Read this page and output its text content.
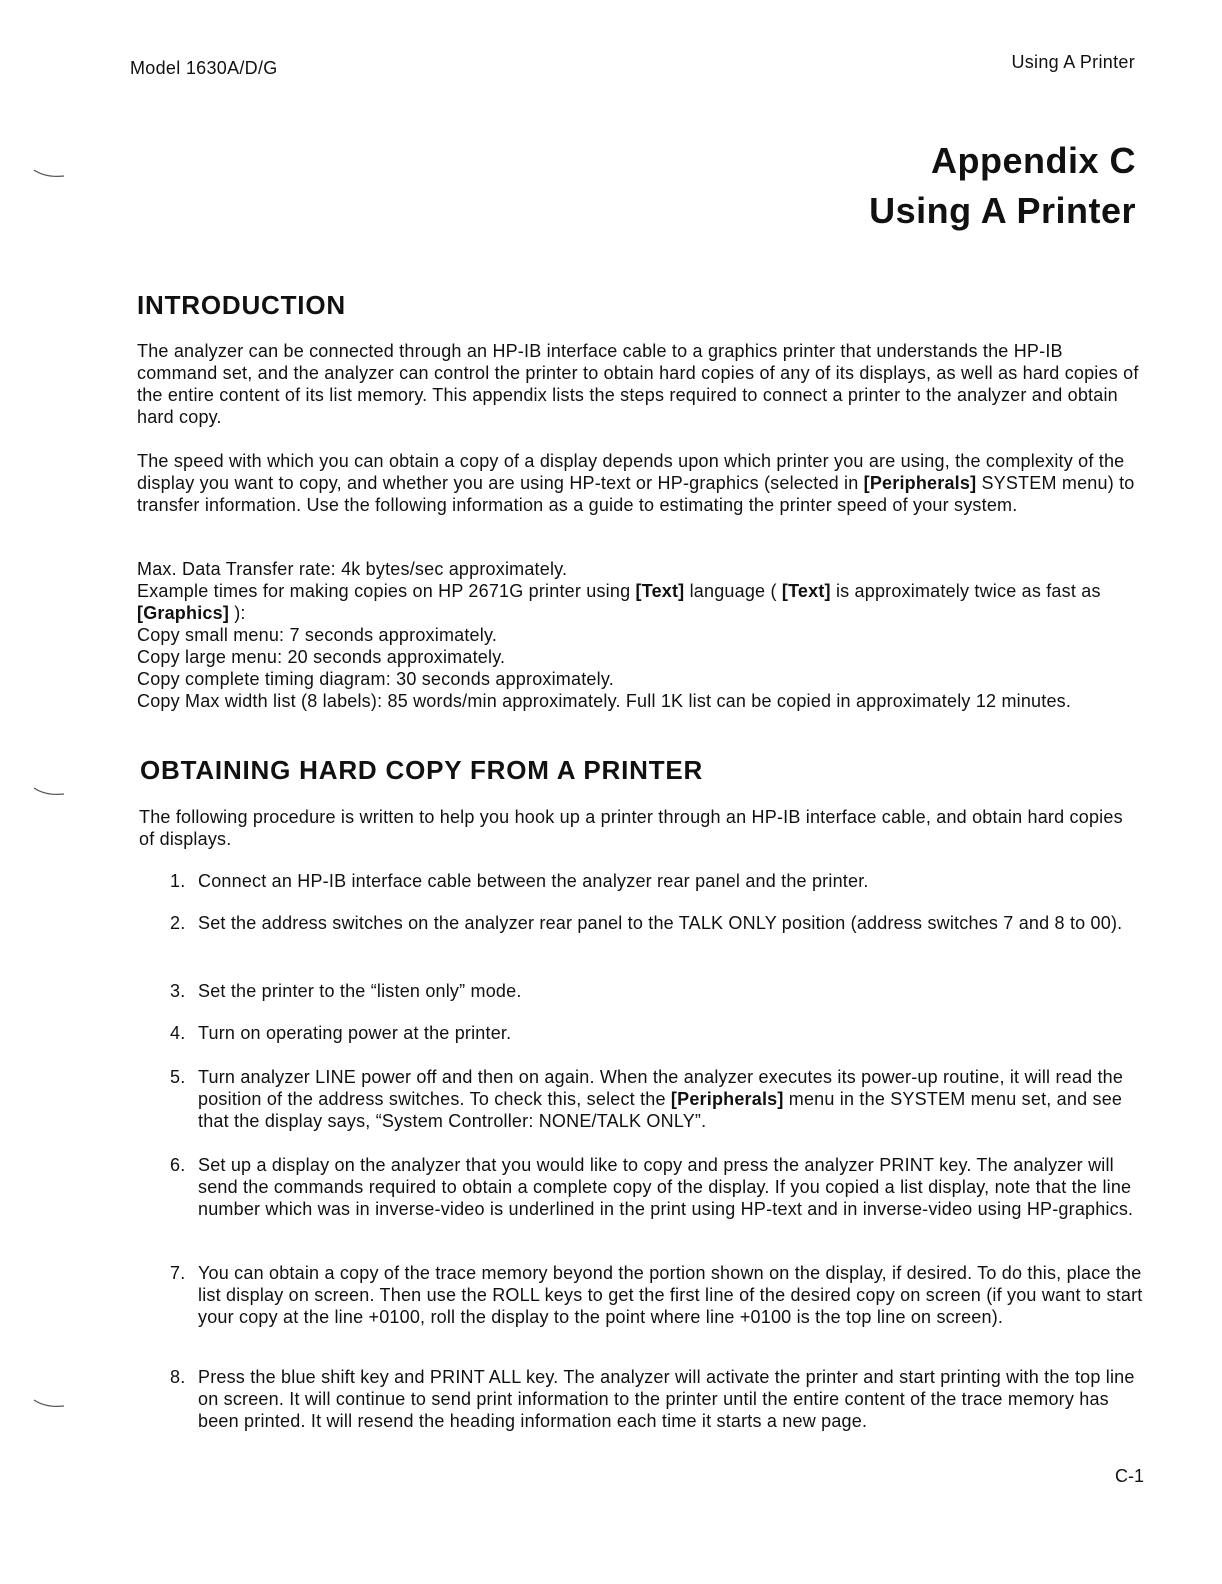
Model 1630A/D/G	Using A Printer
Appendix C
Using A Printer
INTRODUCTION

The analyzer can be connected through an HP-IB interface cable to a graphics printer that understands the HP-IB command set, and the analyzer can control the printer to obtain hard copies of any of its displays, as well as hard copies of the entire content of its list memory. This appendix lists the steps required to connect a printer to the analyzer and obtain hard copy.

The speed with which you can obtain a copy of a display depends upon which printer you are using, the complexity of the display you want to copy, and whether you are using HP-text or HP-graphics (selected in [Peripherals] SYSTEM menu) to transfer information. Use the following information as a guide to estimating the printer speed of your system.

Max. Data Transfer rate: 4k bytes/sec approximately.
Example times for making copies on HP 2671G printer using [Text] language ( [Text] is approximately twice as fast as [Graphics] ):
Copy small menu: 7 seconds approximately.
Copy large menu: 20 seconds approximately.
Copy complete timing diagram: 30 seconds approximately.
Copy Max width list (8 labels): 85 words/min approximately. Full 1K list can be copied in approximately 12 minutes.
OBTAINING HARD COPY FROM A PRINTER

The following procedure is written to help you hook up a printer through an HP-IB interface cable, and obtain hard copies of displays.

1. Connect an HP-IB interface cable between the analyzer rear panel and the printer.
2. Set the address switches on the analyzer rear panel to the TALK ONLY position (address switches 7 and 8 to 00).
3. Set the printer to the “listen only” mode.
4. Turn on operating power at the printer.
5. Turn analyzer LINE power off and then on again. When the analyzer executes its power-up routine, it will read the position of the address switches. To check this, select the [Peripherals] menu in the SYSTEM menu set, and see that the display says, “System Controller: NONE/TALK ONLY”.
6. Set up a display on the analyzer that you would like to copy and press the analyzer PRINT key. The analyzer will send the commands required to obtain a complete copy of the display. If you copied a list display, note that the line number which was in inverse-video is underlined in the print using HP-text and in inverse-video using HP-graphics.
7. You can obtain a copy of the trace memory beyond the portion shown on the display, if desired. To do this, place the list display on screen. Then use the ROLL keys to get the first line of the desired copy on screen (if you want to start your copy at the line +0100, roll the display to the point where line +0100 is the top line on screen).
8. Press the blue shift key and PRINT ALL key. The analyzer will activate the printer and start printing with the top line on screen. It will continue to send print information to the printer until the entire content of the trace memory has been printed. It will resend the heading information each time it starts a new page.
C-1
